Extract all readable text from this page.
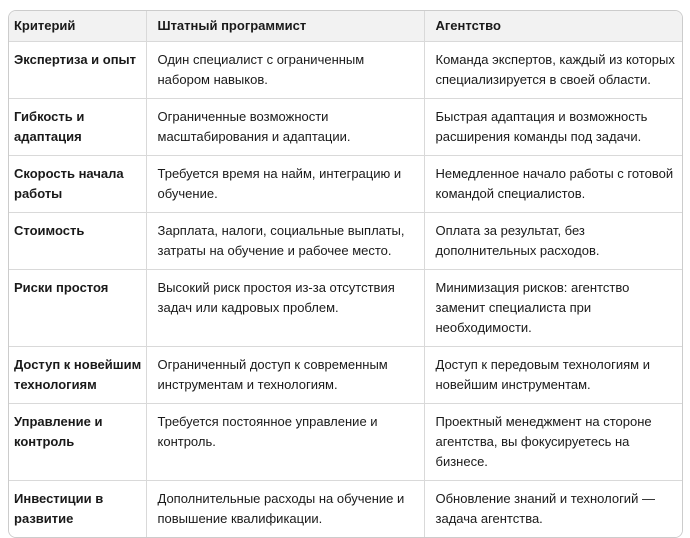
Критерий	Штатный программист	Агентство
Экспертиза и опыт	Один специалист с ограниченным набором навыков.	Команда экспертов, каждый из которых специализируется в своей области.
Гибкость и адаптация	Ограниченные возможности масштабирования и адаптации.	Быстрая адаптация и возможность расширения команды под задачи.
Скорость начала работы	Требуется время на найм, интеграцию и обучение.	Немедленное начало работы с готовой командой специалистов.
Стоимость	Зарплата, налоги, социальные выплаты, затраты на обучение и рабочее место.	Оплата за результат, без дополнительных расходов.
Риски простоя	Высокий риск простоя из-за отсутствия задач или кадровых проблем.	Минимизация рисков: агентство заменит специалиста при необходимости.
Доступ к новейшим технологиям	Ограниченный доступ к современным инструментам и технологиям.	Доступ к передовым технологиям и новейшим инструментам.
Управление и контроль	Требуется постоянное управление и контроль.	Проектный менеджмент на стороне агентства, вы фокусируетесь на бизнесе.
Инвестиции в развитие	Дополнительные расходы на обучение и повышение квалификации.	Обновление знаний и технологий — задача агентства.
